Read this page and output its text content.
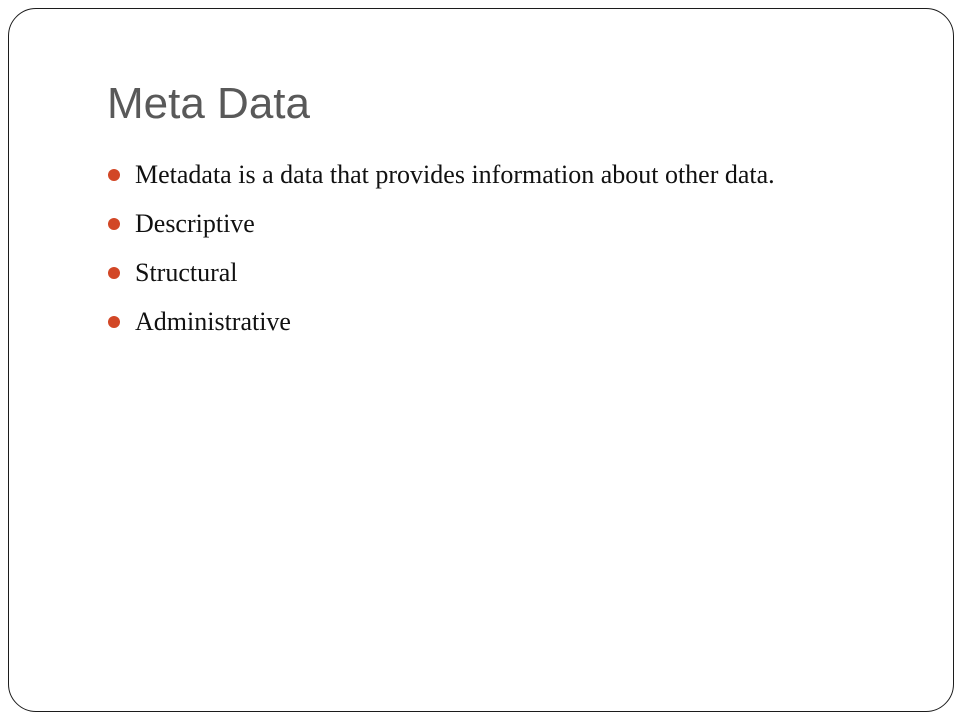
Meta Data
Metadata is a data that provides information about other data.
Descriptive
Structural
Administrative
